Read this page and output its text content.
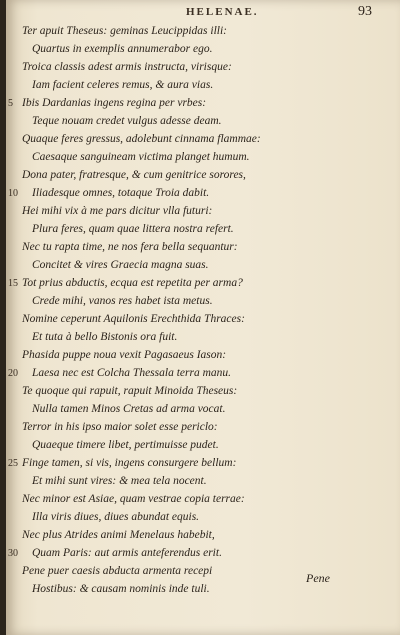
HELENAE.	93
Ter apuit Theseus: geminas Leucippidas illi:
Quartus in exemplis annumerabor ego.
Troica classis adest armis instructa, virisque:
Iam facient celeres remus, & aura vias.
5 Ibis Dardanias ingens regina per vrbes:
Teque nouam credet vulgus adesse deam.
Quaque feres gressus, adolebunt cinnama flammae:
Caesaque sanguineam victima planget humum.
Dona pater, fratresque, & cum genitrice sorores,
10 Iliadesque omnes, totaque Troia dabit.
Hei mihi vix à me pars dicitur vlla futuri:
Plura feres, quam quae littera nostra refert.
Nec tu rapta time, ne nos fera bella sequantur:
Concitet & vires Graecia magna suas.
15 Tot prius abductis, ecqua est repetita per arma?
Crede mihi, vanos res habet ista metus.
Nomine ceperunt Aquilonis Erechthida Thraces:
Et tuta à bello Bistonis ora fuit.
Phasida puppe noua vexit Pagasaeus Iason:
20 Laesa nec est Colcha Thessala terra manu.
Te quoque qui rapuit, rapuit Minoida Theseus:
Nulla tamen Minos Cretas ad arma vocat.
Terror in his ipso maior solet esse periclo:
Quaeque timere libet, pertimuisse pudet.
25 Finge tamen, si vis, ingens consurgere bellum:
Et mihi sunt vires: & mea tela nocent.
Nec minor est Asiae, quam vestrae copia terrae:
Illa viris diues, diues abundat equis.
Nec plus Atrides animi Menelaus habebit,
30 Quam Paris: aut armis anteferendus erit.
Pene puer caesis abducta armenta recepi
Hostibus: & causam nominis inde tuli.
Pene
